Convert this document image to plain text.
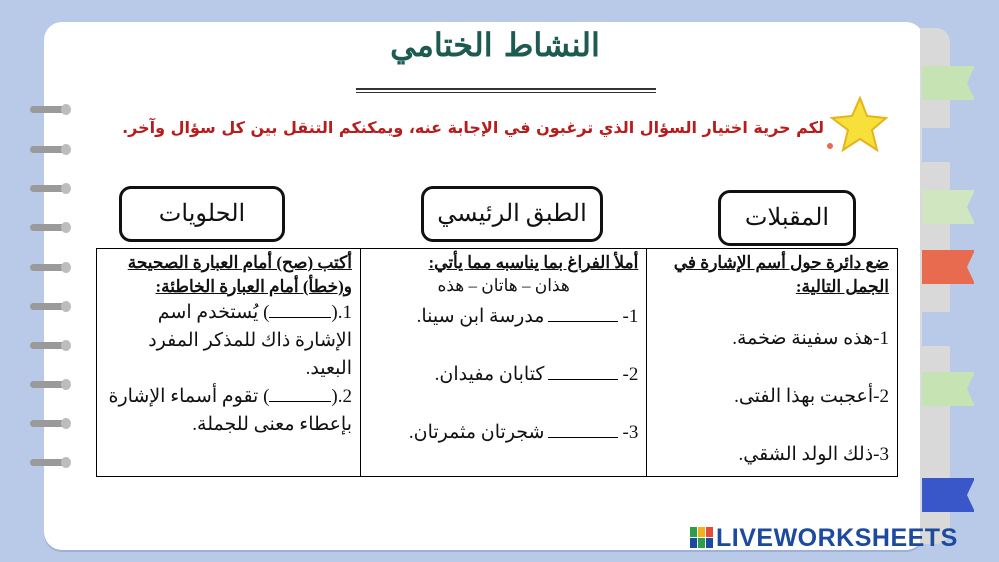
النشاط الختامي
لكم حرية اختيار السؤال الذي ترغبون في الإجابة عنه، ويمكنكم التنقل بين كل سؤال وآخر.
المقبلات
الطبق الرئيسي
الحلويات
ضع دائرة حول أسم الإشارة في الجمل التالية:
1-هذه سفينة ضخمة.
2-أعجبت بهذا الفتى.
3-ذلك الولد الشقي.

أملأ الفراغ بما يناسبه مما يأتي:
هذان – هاتان – هذه
1-مدرسة ابن سينا.
2-كتابان مفيدان.
3-شجرتان مثمرتان.

أكتب (صح) أمام العبارة الصحيحة و(خطأ) أمام العبارة الخاطئة:
1.() يُستخدم اسم الإشارة ذاك للمذكر المفرد البعيد.
2.() تقوم أسماء الإشارة بإعطاء معنى للجملة.
LIVEWORKSHEETS
